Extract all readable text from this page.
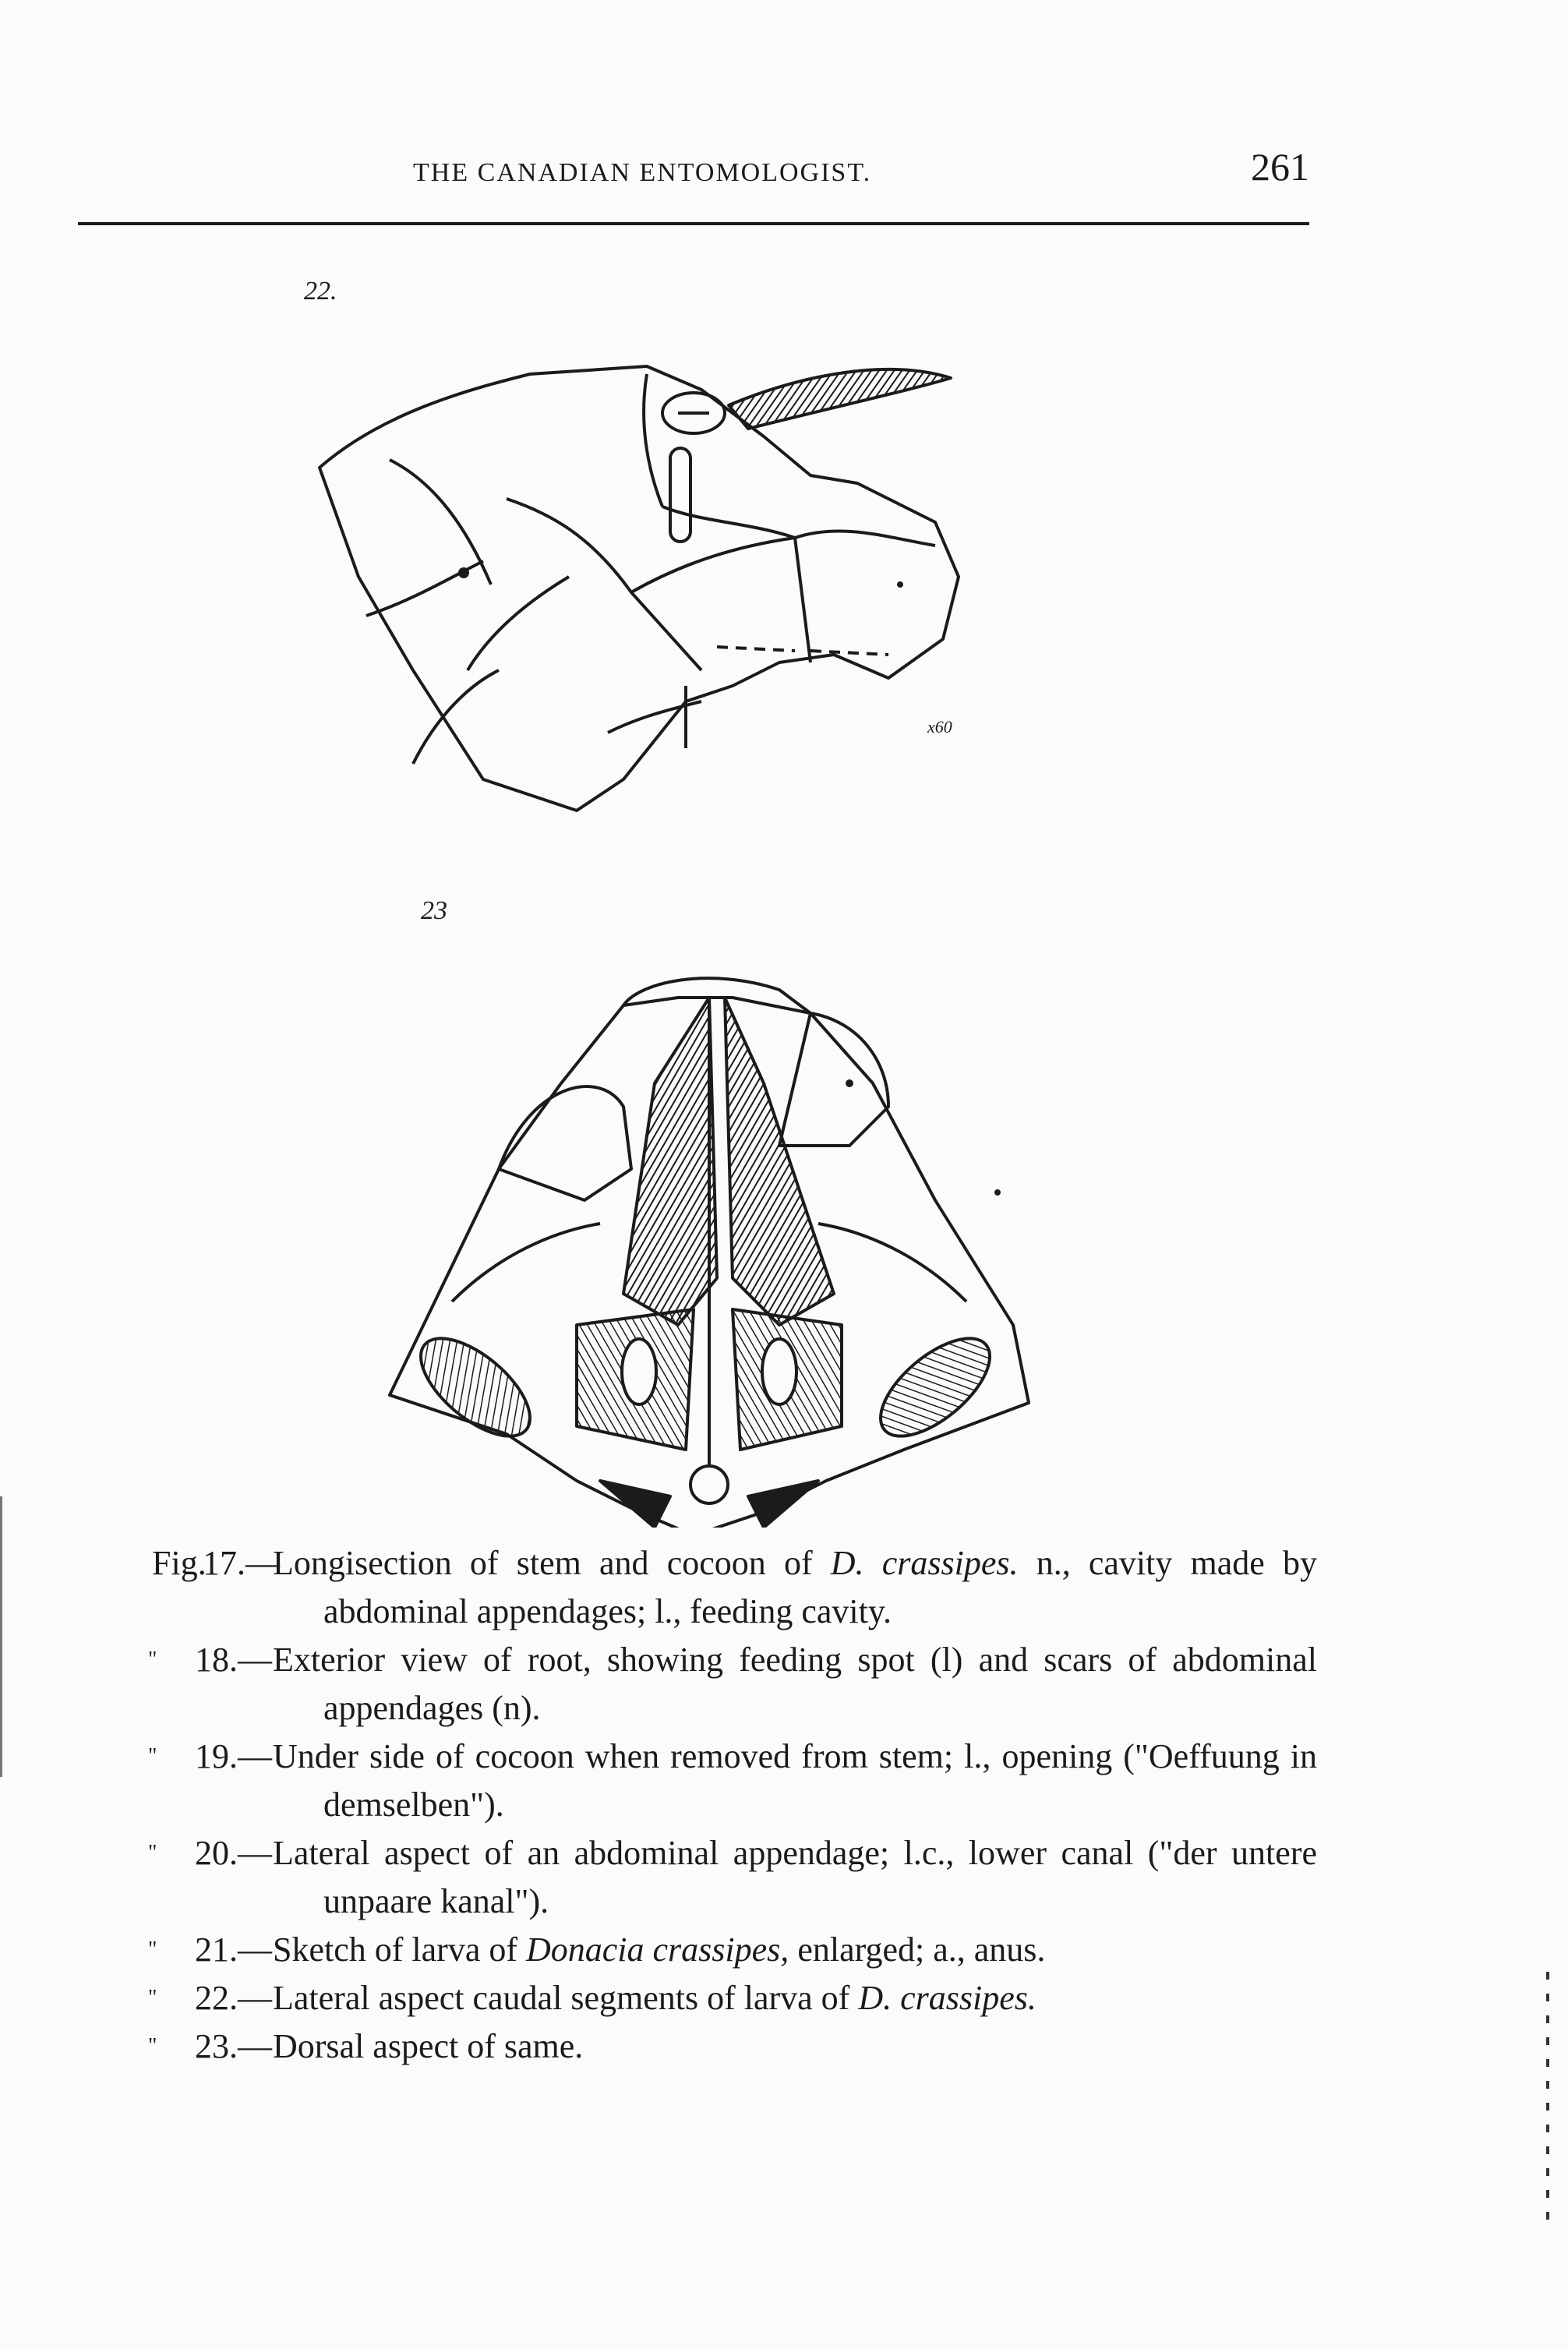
THE CANADIAN ENTOMOLOGIST.	261
22.
x60
23
Fig.
17.—
Longisection of stem and cocoon of D. crassipes. n., cavity made by abdominal appendages; l., feeding cavity.
"	18.— Exterior view of root, showing feeding spot (l) and scars of abdominal appendages (n).
"	19.— Under side of cocoon when removed from stem; l., opening ("Oeffuung in demselben").
"	20.— Lateral aspect of an abdominal appendage; l.c., lower canal ("der untere unpaare kanal").
"	21.— Sketch of larva of Donacia crassipes, enlarged; a., anus.
"	22.— Lateral aspect caudal segments of larva of D. crassipes.
"	23.— Dorsal aspect of same.
